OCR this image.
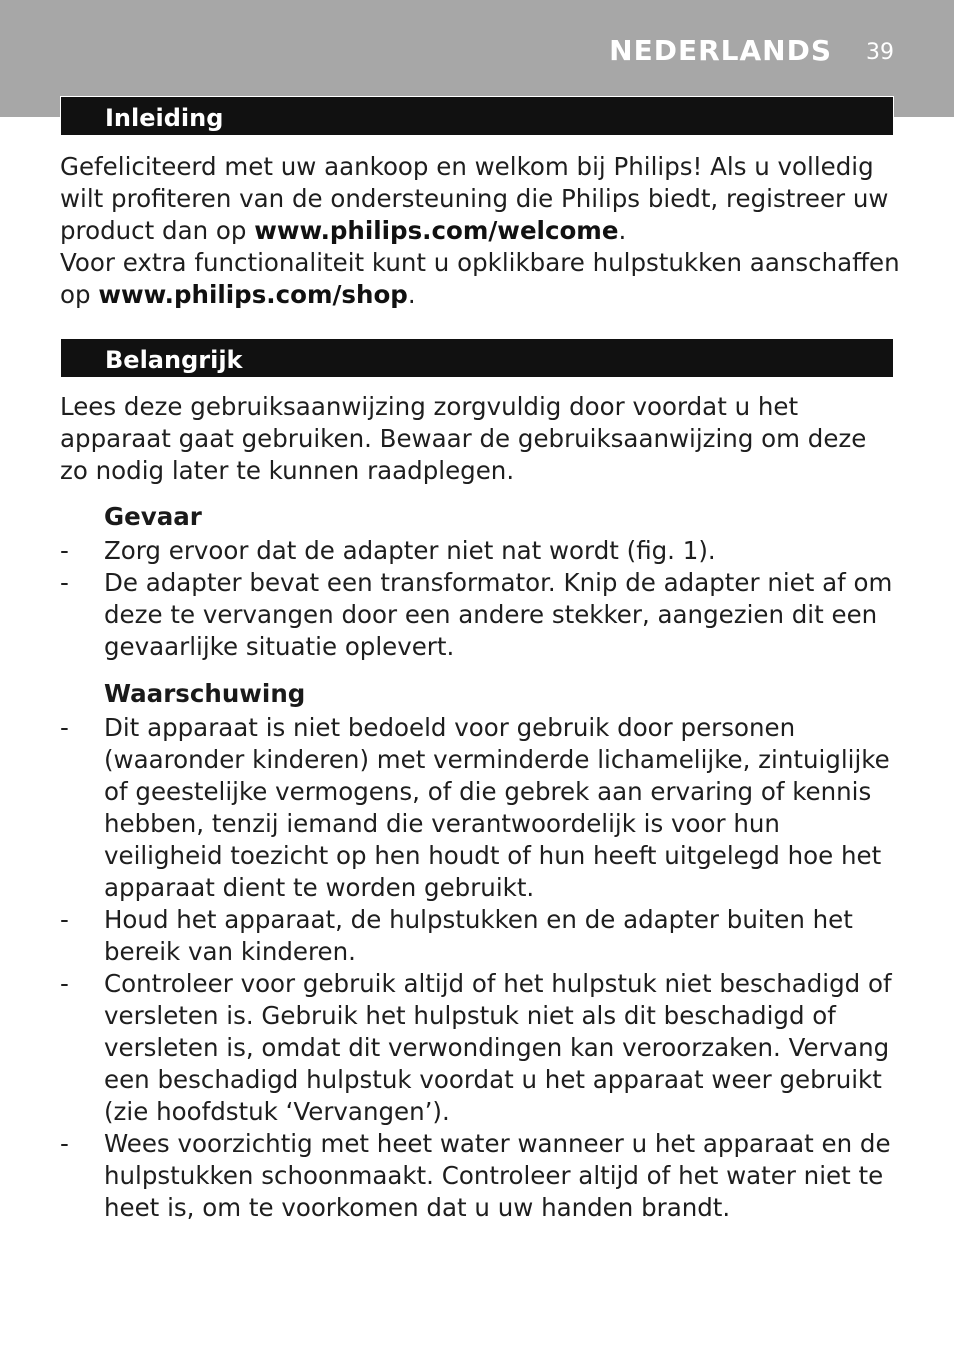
NEDERLANDS 39
Inleiding

Gefeliciteerd met uw aankoop en welkom bij Philips! Als u volledig wilt profiteren van de ondersteuning die Philips biedt, registreer uw product dan op www.philips.com/welcome.

Voor extra functionaliteit kunt u opklikbare hulpstukken aanschaffen op www.philips.com/shop.

Belangrijk

Lees deze gebruiksaanwijzing zorgvuldig door voordat u het apparaat gaat gebruiken. Bewaar de gebruiksaanwijzing om deze zo nodig later te kunnen raadplegen.

Gevaar
- Zorg ervoor dat de adapter niet nat wordt (fig. 1).
- De adapter bevat een transformator. Knip de adapter niet af om deze te vervangen door een andere stekker, aangezien dit een gevaarlijke situatie oplevert.
Waarschuwing
- Dit apparaat is niet bedoeld voor gebruik door personen (waaronder kinderen) met verminderde lichamelijke, zintuiglijke of geestelijke vermogens, of die gebrek aan ervaring of kennis hebben, tenzij iemand die verantwoordelijk is voor hun veiligheid toezicht op hen houdt of hun heeft uitgelegd hoe het apparaat dient te worden gebruikt.
- Houd het apparaat, de hulpstukken en de adapter buiten het bereik van kinderen.
- Controleer voor gebruik altijd of het hulpstuk niet beschadigd of versleten is. Gebruik het hulpstuk niet als dit beschadigd of versleten is, omdat dit verwondingen kan veroorzaken. Vervang een beschadigd hulpstuk voordat u het apparaat weer gebruikt (zie hoofdstuk ‘Vervangen’).
- Wees voorzichtig met heet water wanneer u het apparaat en de hulpstukken schoonmaakt. Controleer altijd of het water niet te heet is, om te voorkomen dat u uw handen brandt.
